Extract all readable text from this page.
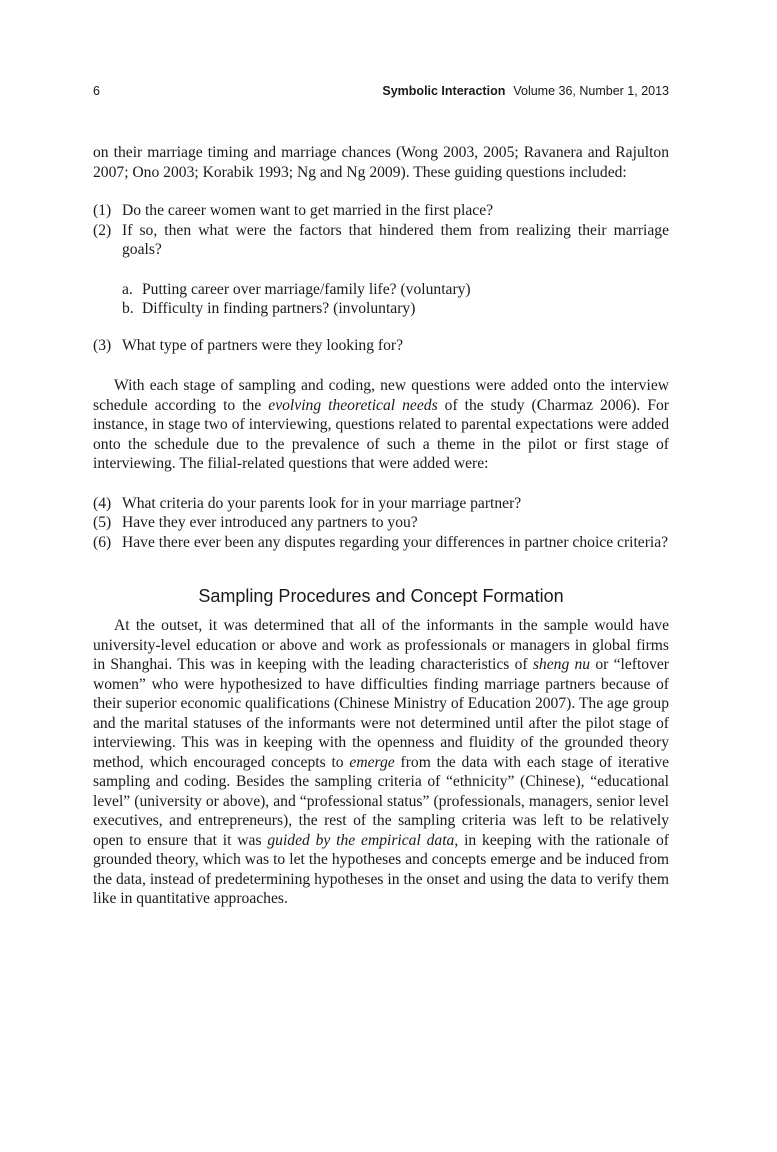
6	Symbolic Interaction Volume 36, Number 1, 2013

on their marriage timing and marriage chances (Wong 2003, 2005; Ravanera and Rajulton 2007; Ono 2003; Korabik 1993; Ng and Ng 2009). These guiding questions included:

(1) Do the career women want to get married in the first place?
(2) If so, then what were the factors that hindered them from realizing their marriage goals?
a. Putting career over marriage/family life? (voluntary)
b. Difficulty in finding partners? (involuntary)
(3) What type of partners were they looking for?

With each stage of sampling and coding, new questions were added onto the interview schedule according to the evolving theoretical needs of the study (Charmaz 2006). For instance, in stage two of interviewing, questions related to parental expectations were added onto the schedule due to the prevalence of such a theme in the pilot or first stage of interviewing. The filial-related questions that were added were:

(4) What criteria do your parents look for in your marriage partner?
(5) Have they ever introduced any partners to you?
(6) Have there ever been any disputes regarding your differences in partner choice criteria?
Sampling Procedures and Concept Formation

At the outset, it was determined that all of the informants in the sample would have university-level education or above and work as professionals or managers in global firms in Shanghai. This was in keeping with the leading characteristics of sheng nu or “leftover women” who were hypothesized to have difficulties finding marriage partners because of their superior economic qualifications (Chinese Ministry of Education 2007). The age group and the marital statuses of the informants were not determined until after the pilot stage of interviewing. This was in keeping with the openness and fluidity of the grounded theory method, which encouraged concepts to emerge from the data with each stage of iterative sampling and coding. Besides the sampling criteria of “ethnicity” (Chinese), “educational level” (university or above), and “professional status” (professionals, managers, senior level executives, and entrepreneurs), the rest of the sampling criteria was left to be relatively open to ensure that it was guided by the empirical data, in keeping with the rationale of grounded theory, which was to let the hypotheses and concepts emerge and be induced from the data, instead of predetermining hypotheses in the onset and using the data to verify them like in quantitative approaches.
